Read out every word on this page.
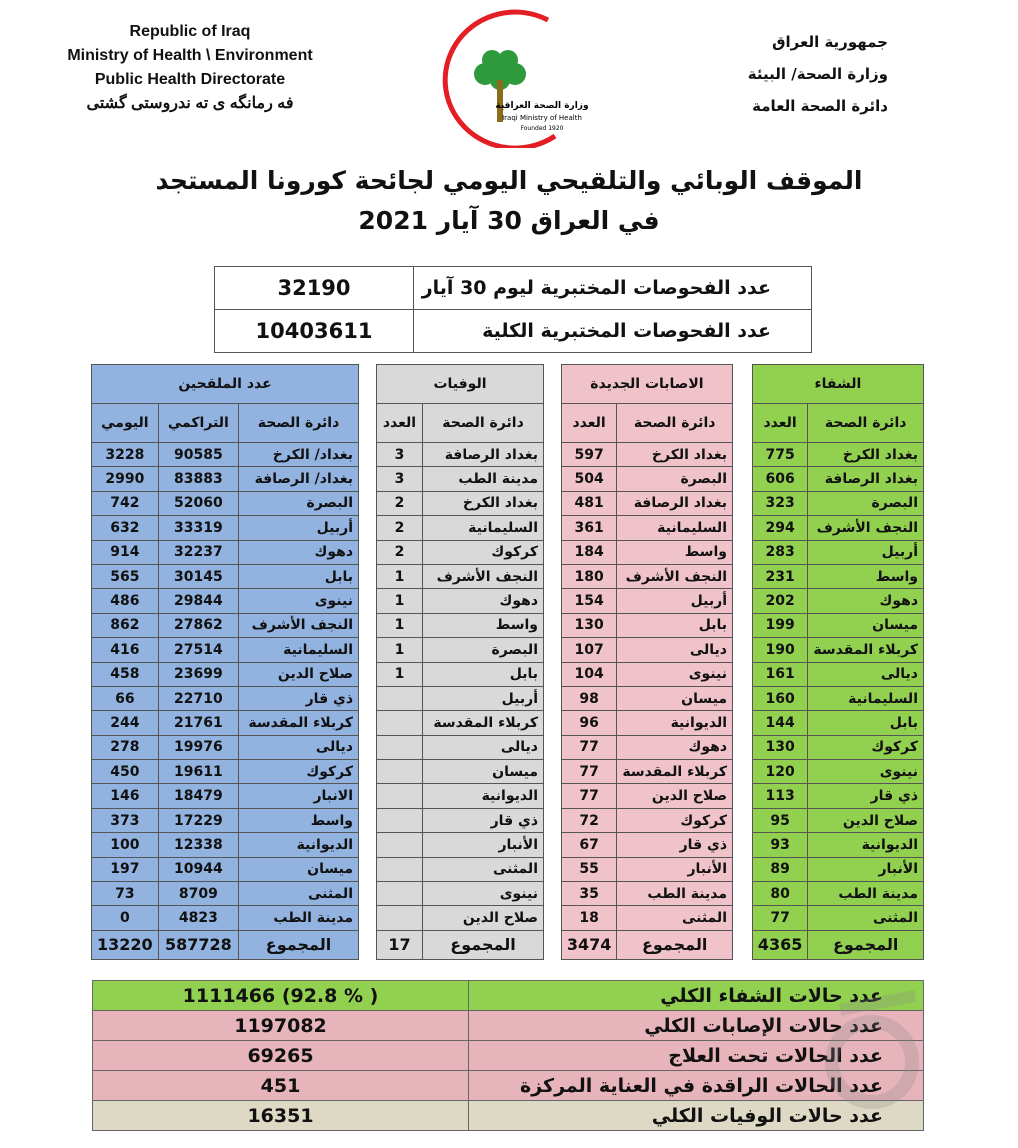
Republic of Iraq
Ministry of Health \ Environment
Public Health Directorate
فه رمانگه ی ته ندروستی گشتی	وزارة الصحة العراقية
Iraqi Ministry of Health
Founded 1920
جمهورية العراق
وزارة الصحة/ البيئة
دائرة الصحة العامة
الموقف الوبائي والتلقيحي اليومي لجائحة كورونا المستجد
في العراق 30 آيار 2021
32190	عدد الفحوصات المختبرية ليوم 30 آيار
10403611	عدد الفحوصات المختبرية الكلية
الشفاء	
دائرة الصحة	العدد
بغداد الكرخ	775
بغداد الرصافة	606
البصرة	323
النجف الأشرف	294
أربيل	283
واسط	231
دهوك	202
ميسان	199
كربلاء المقدسة	190
ديالى	161
السليمانية	160
بابل	144
كركوك	130
نينوى	120
ذي قار	113
صلاح الدين	95
الديوانية	93
الأنبار	89
مدينة الطب	80
المثنى	77
المجموع	4365
الاصابات الجديدة	
دائرة الصحة	العدد
بغداد الكرخ	597
البصرة	504
بغداد الرصافة	481
السليمانية	361
واسط	184
النجف الأشرف	180
أربيل	154
بابل	130
ديالى	107
نينوى	104
ميسان	98
الديوانية	96
دهوك	77
كربلاء المقدسة	77
صلاح الدين	77
كركوك	72
ذي قار	67
الأنبار	55
مدينة الطب	35
المثنى	18
المجموع	3474
الوفيات	
دائرة الصحة	العدد
بغداد الرصافة	3
مدينة الطب	3
بغداد الكرخ	2
السليمانية	2
كركوك	2
النجف الأشرف	1
دهوك	1
واسط	1
البصرة	1
بابل	1
أربيل	
كربلاء المقدسة	
ديالى	
ميسان	
الديوانية	
ذي قار	
الأنبار	
المثنى	
نينوى	
صلاح الدين	
المجموع	17
عدد الملقحين		
دائرة الصحة	التراكمي	اليومي
بغداد/ الكرخ	90585	3228
بغداد/ الرصافة	83883	2990
البصرة	52060	742
أربيل	33319	632
دهوك	32237	914
بابل	30145	565
نينوى	29844	486
النجف الأشرف	27862	862
السليمانية	27514	416
صلاح الدين	23699	458
ذي قار	22710	66
كربلاء المقدسة	21761	244
ديالى	19976	278
كركوك	19611	450
الانبار	18479	146
واسط	17229	373
الديوانية	12338	100
ميسان	10944	197
المثنى	8709	73
مدينة الطب	4823	0
المجموع	587728	13220
عدد حالات الشفاء الكلي	1111466 (92.8 % )
عدد حالات الإصابات الكلي	1197082
عدد الحالات تحت العلاج	69265
عدد الحالات الراقدة في العناية المركزة	451
عدد حالات الوفيات الكلي	16351
